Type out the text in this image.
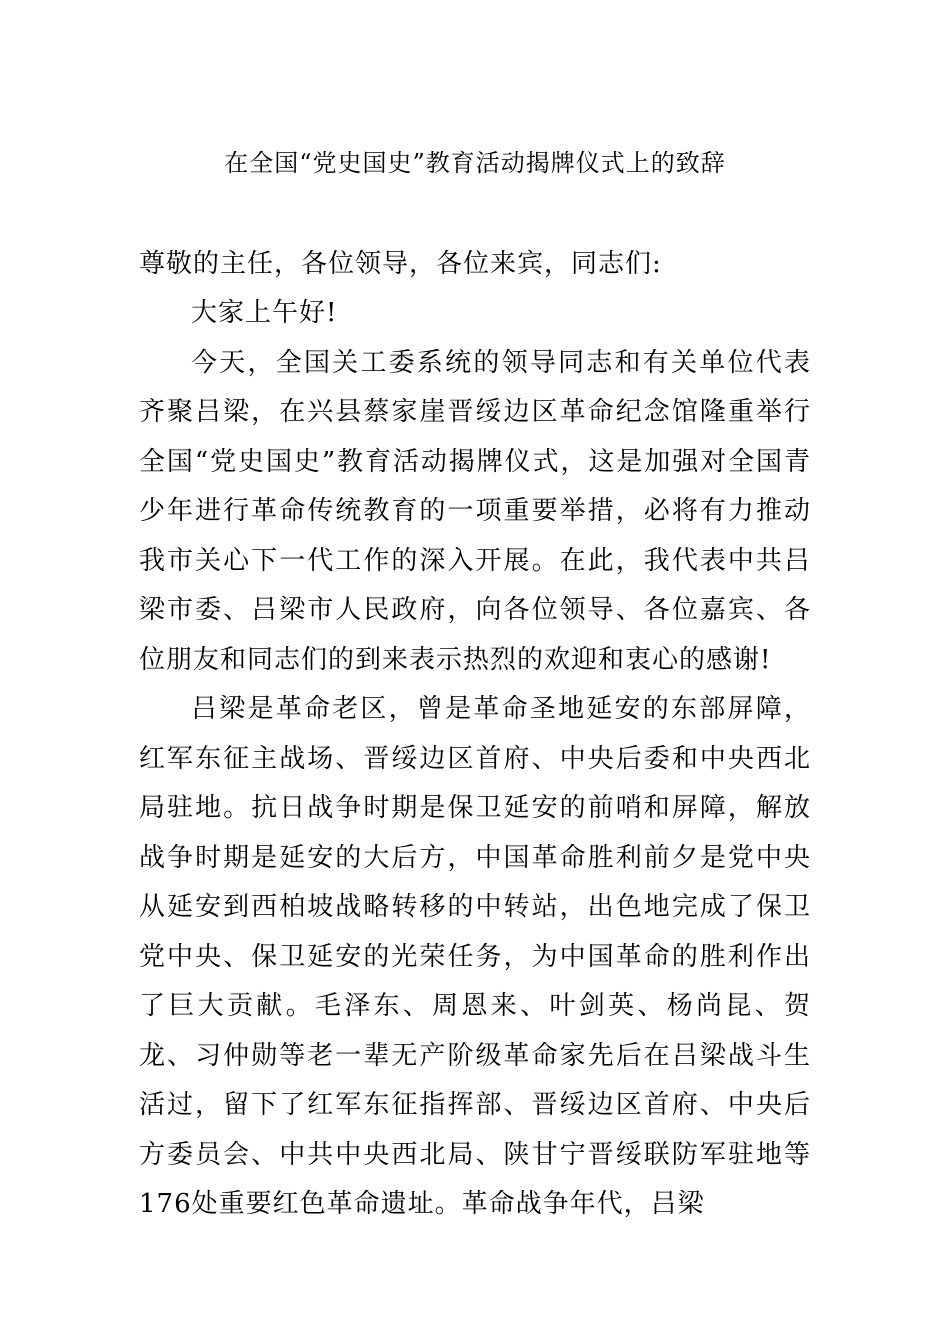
在全国“党史国史”教育活动揭牌仪式上的致辞

尊敬的主任，各位领导，各位来宾，同志们:

大家上午好!

今天，全国关工委系统的领导同志和有关单位代表齐聚吕梁，在兴县蔡家崖晋绥边区革命纪念馆隆重举行全国“党史国史”教育活动揭牌仪式，这是加强对全国青少年进行革命传统教育的一项重要举措，必将有力推动我市关心下一代工作的深入开展。在此，我代表中共吕梁市委、吕梁市人民政府，向各位领导、各位嘉宾、各位朋友和同志们的到来表示热烈的欢迎和衷心的感谢!

吕梁是革命老区，曾是革命圣地延安的东部屏障，红军东征主战场、晋绥边区首府、中央后委和中央西北局驻地。抗日战争时期是保卫延安的前哨和屏障，解放战争时期是延安的大后方，中国革命胜利前夕是党中央从延安到西柏坡战略转移的中转站，出色地完成了保卫党中央、保卫延安的光荣任务，为中国革命的胜利作出了巨大贡献。毛泽东、周恩来、叶剑英、杨尚昆、贺龙、习仲勋等老一辈无产阶级革命家先后在吕梁战斗生活过，留下了红军东征指挥部、晋绥边区首府、中央后方委员会、中共中央西北局、陕甘宁晋绥联防军驻地等176处重要红色革命遗址。革命战争年代，吕梁
